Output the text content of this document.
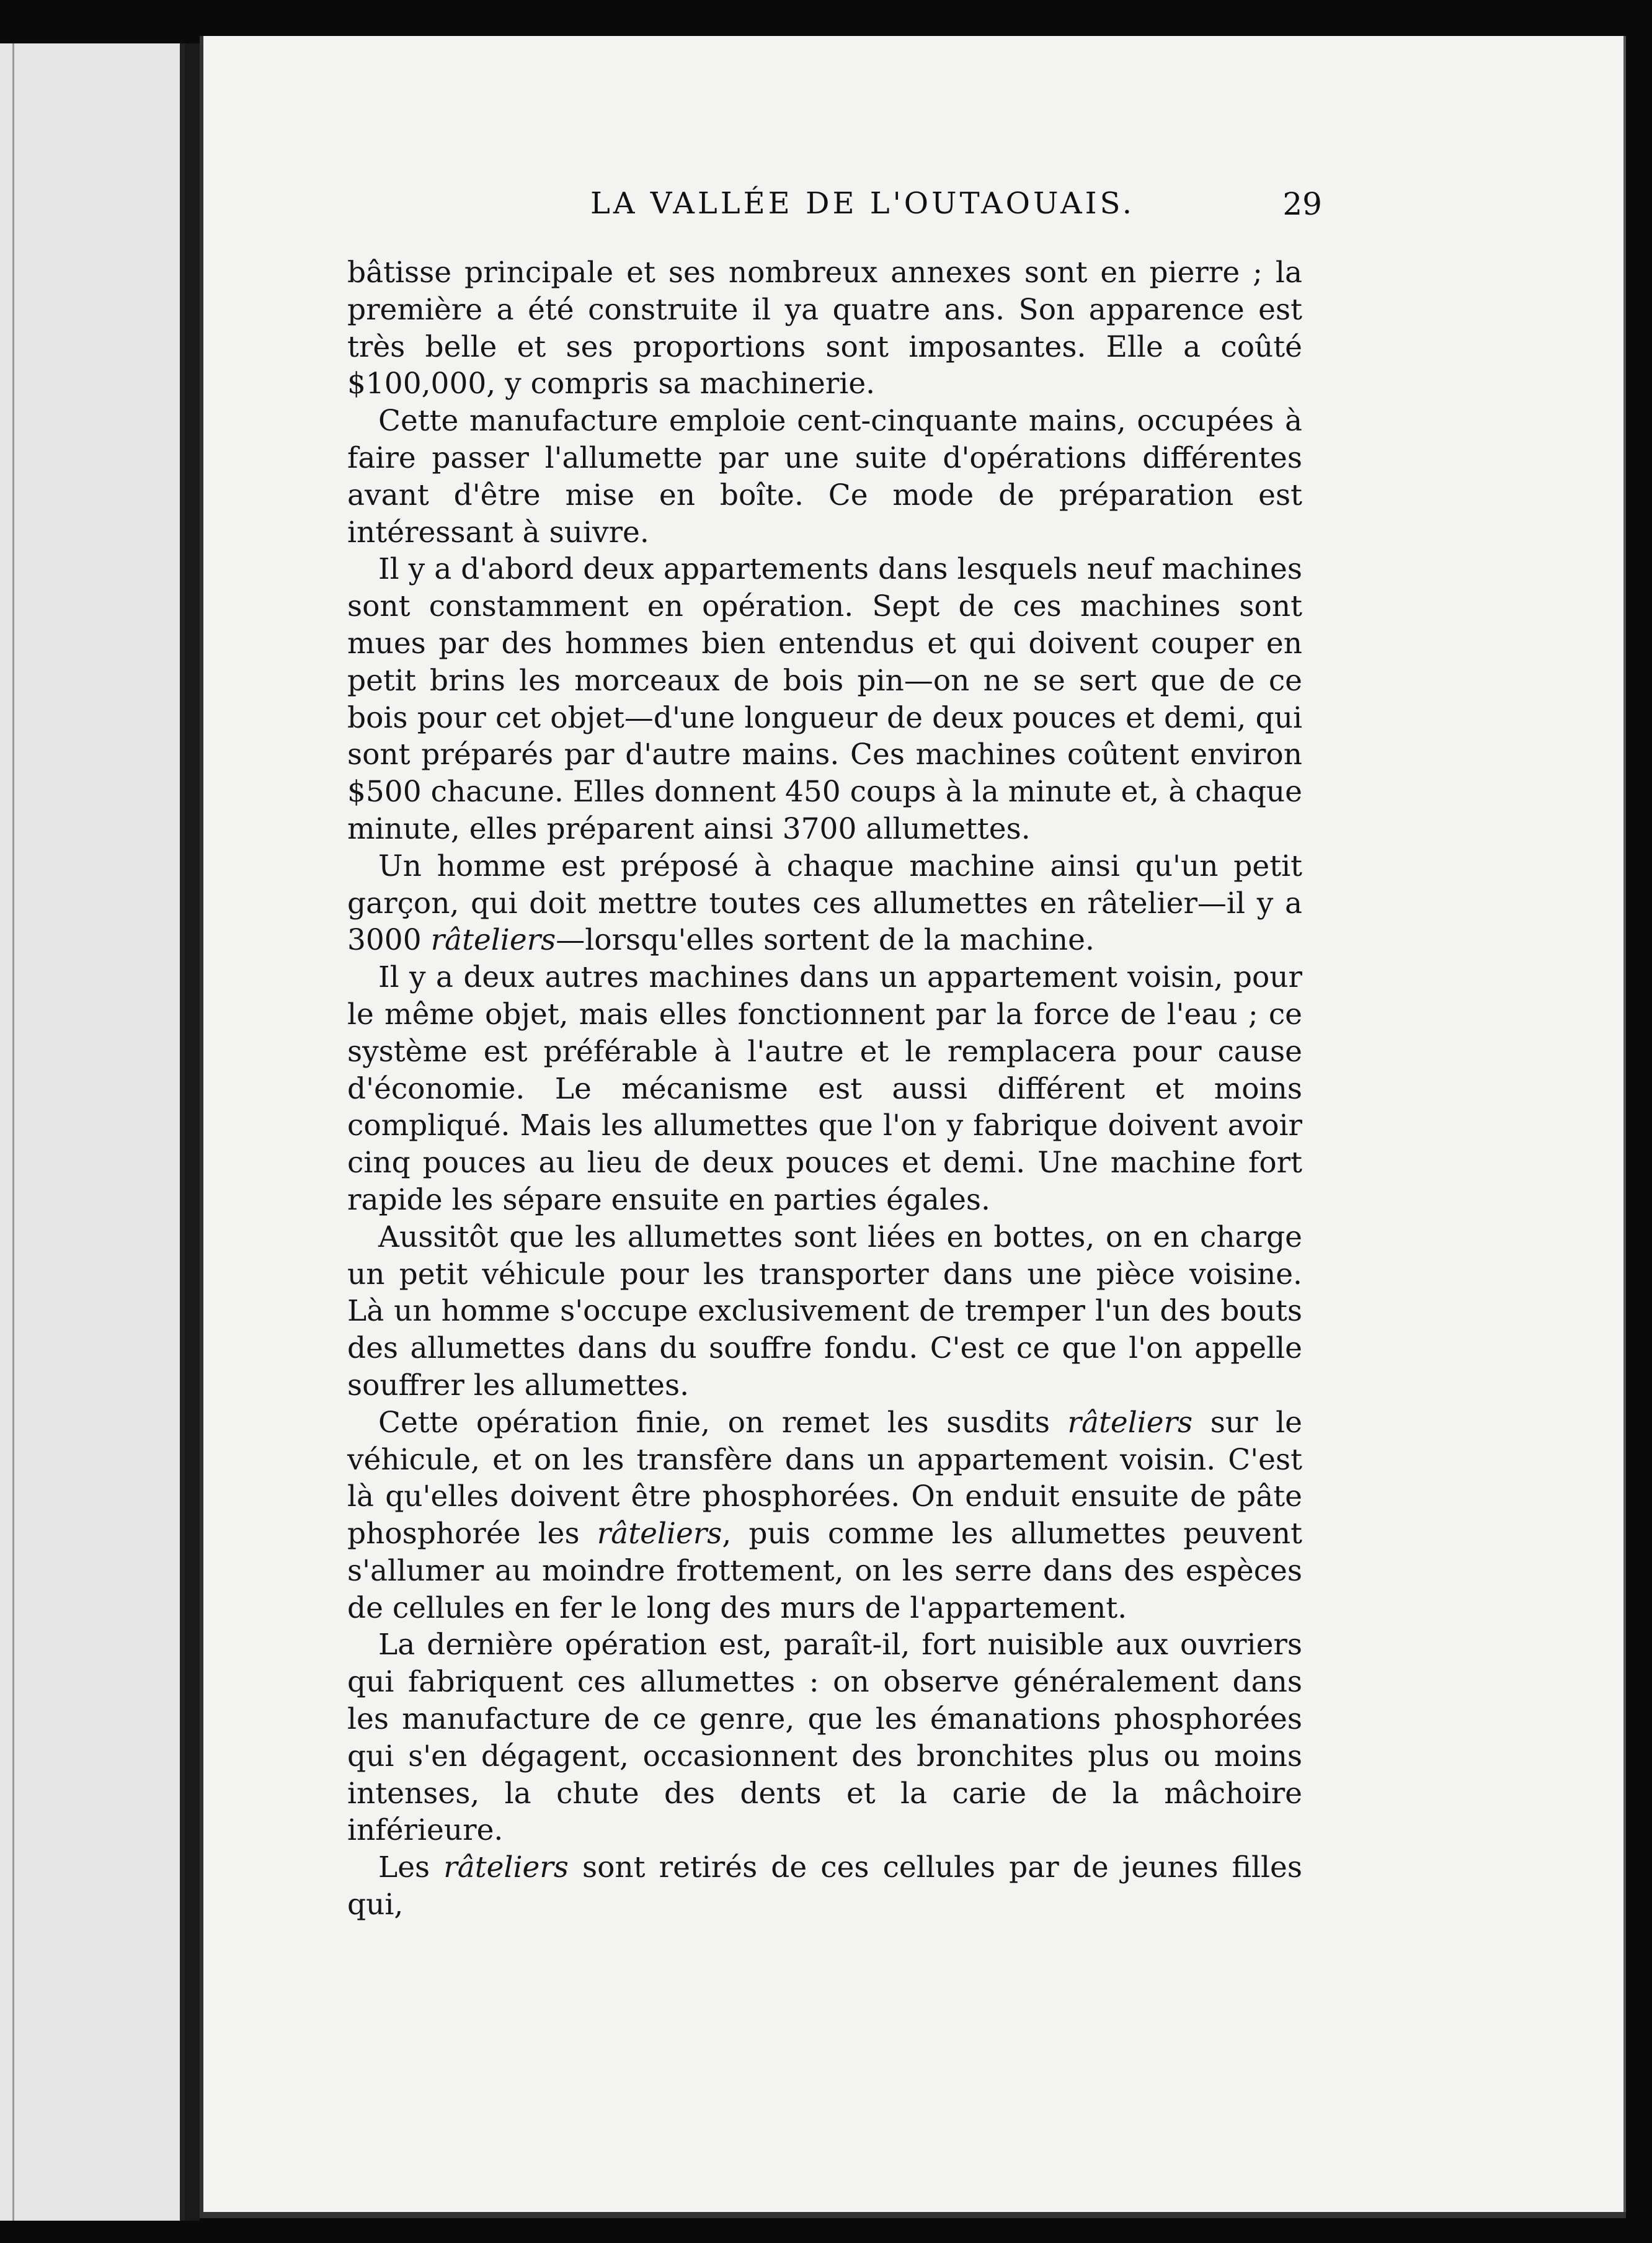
LA VALLÉE DE L'OUTAOUAIS.	29

bâtisse principale et ses nombreux annexes sont en pierre ; la première a été construite il ya quatre ans. Son apparence est très belle et ses proportions sont imposantes. Elle a coûté $100,000, y compris sa machinerie.

Cette manufacture emploie cent-cinquante mains, occupées à faire passer l'allumette par une suite d'opérations différentes avant d'être mise en boîte. Ce mode de préparation est intéressant à suivre.

Il y a d'abord deux appartements dans lesquels neuf machines sont constamment en opération. Sept de ces machines sont mues par des hommes bien entendus et qui doivent couper en petit brins les morceaux de bois pin—on ne se sert que de ce bois pour cet objet—d'une longueur de deux pouces et demi, qui sont préparés par d'autre mains. Ces machines coûtent environ $500 chacune. Elles donnent 450 coups à la minute et, à chaque minute, elles préparent ainsi 3700 allumettes.

Un homme est préposé à chaque machine ainsi qu'un petit garçon, qui doit mettre toutes ces allumettes en râtelier—il y a 3000 râteliers—lorsqu'elles sortent de la machine.

Il y a deux autres machines dans un appartement voisin, pour le même objet, mais elles fonctionnent par la force de l'eau ; ce système est préférable à l'autre et le remplacera pour cause d'économie. Le mécanisme est aussi différent et moins compliqué. Mais les allumettes que l'on y fabrique doivent avoir cinq pouces au lieu de deux pouces et demi. Une machine fort rapide les sépare ensuite en parties égales.

Aussitôt que les allumettes sont liées en bottes, on en charge un petit véhicule pour les transporter dans une pièce voisine. Là un homme s'occupe exclusivement de tremper l'un des bouts des allumettes dans du souffre fondu. C'est ce que l'on appelle souffrer les allumettes.

Cette opération finie, on remet les susdits râteliers sur le véhicule, et on les transfère dans un appartement voisin. C'est là qu'elles doivent être phosphorées. On enduit ensuite de pâte phosphorée les râteliers, puis comme les allumettes peuvent s'allumer au moindre frottement, on les serre dans des espèces de cellules en fer le long des murs de l'appartement.

La dernière opération est, paraît-il, fort nuisible aux ouvriers qui fabriquent ces allumettes : on observe généralement dans les manufacture de ce genre, que les émanations phosphorées qui s'en dégagent, occasionnent des bronchites plus ou moins intenses, la chute des dents et la carie de la mâchoire inférieure.

Les râteliers sont retirés de ces cellules par de jeunes filles qui,
